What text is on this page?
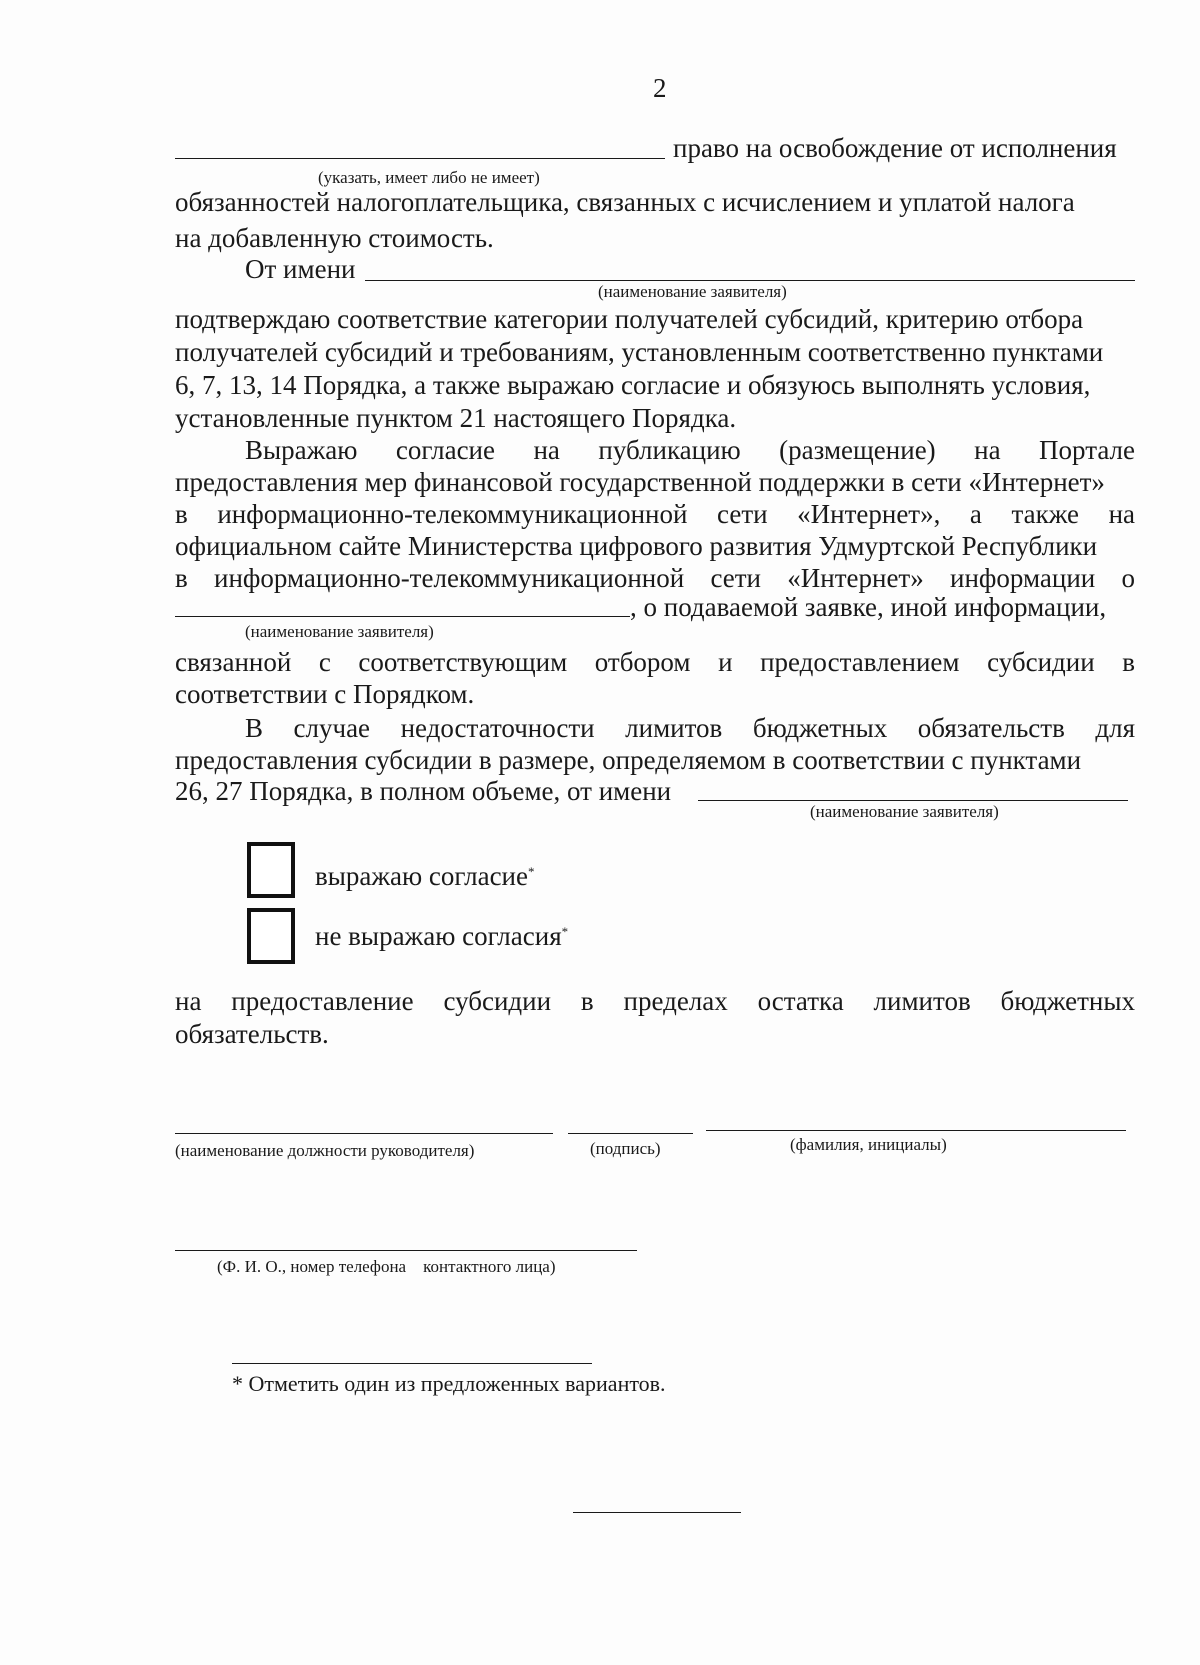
2
право на освобождение от исполнения
(указать, имеет либо не имеет)
обязанностей налогоплательщика, связанных с исчислением и уплатой налога
на добавленную стоимость.
От имени
(наименование заявителя)
подтверждаю соответствие категории получателей субсидий, критерию отбора
получателей субсидий и требованиям, установленным соответственно пунктами
6, 7, 13, 14 Порядка, а также выражаю согласие и обязуюсь выполнять условия,
установленные пунктом 21 настоящего Порядка.
Выражаю согласие на публикацию (размещение) на Портале
предоставления мер финансовой государственной поддержки в сети «Интернет»
в информационно-телекоммуникационной сети «Интернет», а также на
официальном сайте Министерства цифрового развития Удмуртской Республики
в информационно-телекоммуникационной сети «Интернет» информации о
, о подаваемой заявке, иной информации,
(наименование заявителя)
связанной с соответствующим отбором и предоставлением субсидии в
соответствии с Порядком.
В случае недостаточности лимитов бюджетных обязательств для
предоставления субсидии в размере, определяемом в соответствии с пунктами
26, 27 Порядка, в полном объеме, от имени
(наименование заявителя)
выражаю согласие*
не выражаю согласия*
на предоставление субсидии в пределах остатка лимитов бюджетных
обязательств.
(наименование должности руководителя)	(подпись)	(фамилия, инициалы)
(Ф. И. О., номер телефона    контактного лица)
* Отметить один из предложенных вариантов.
